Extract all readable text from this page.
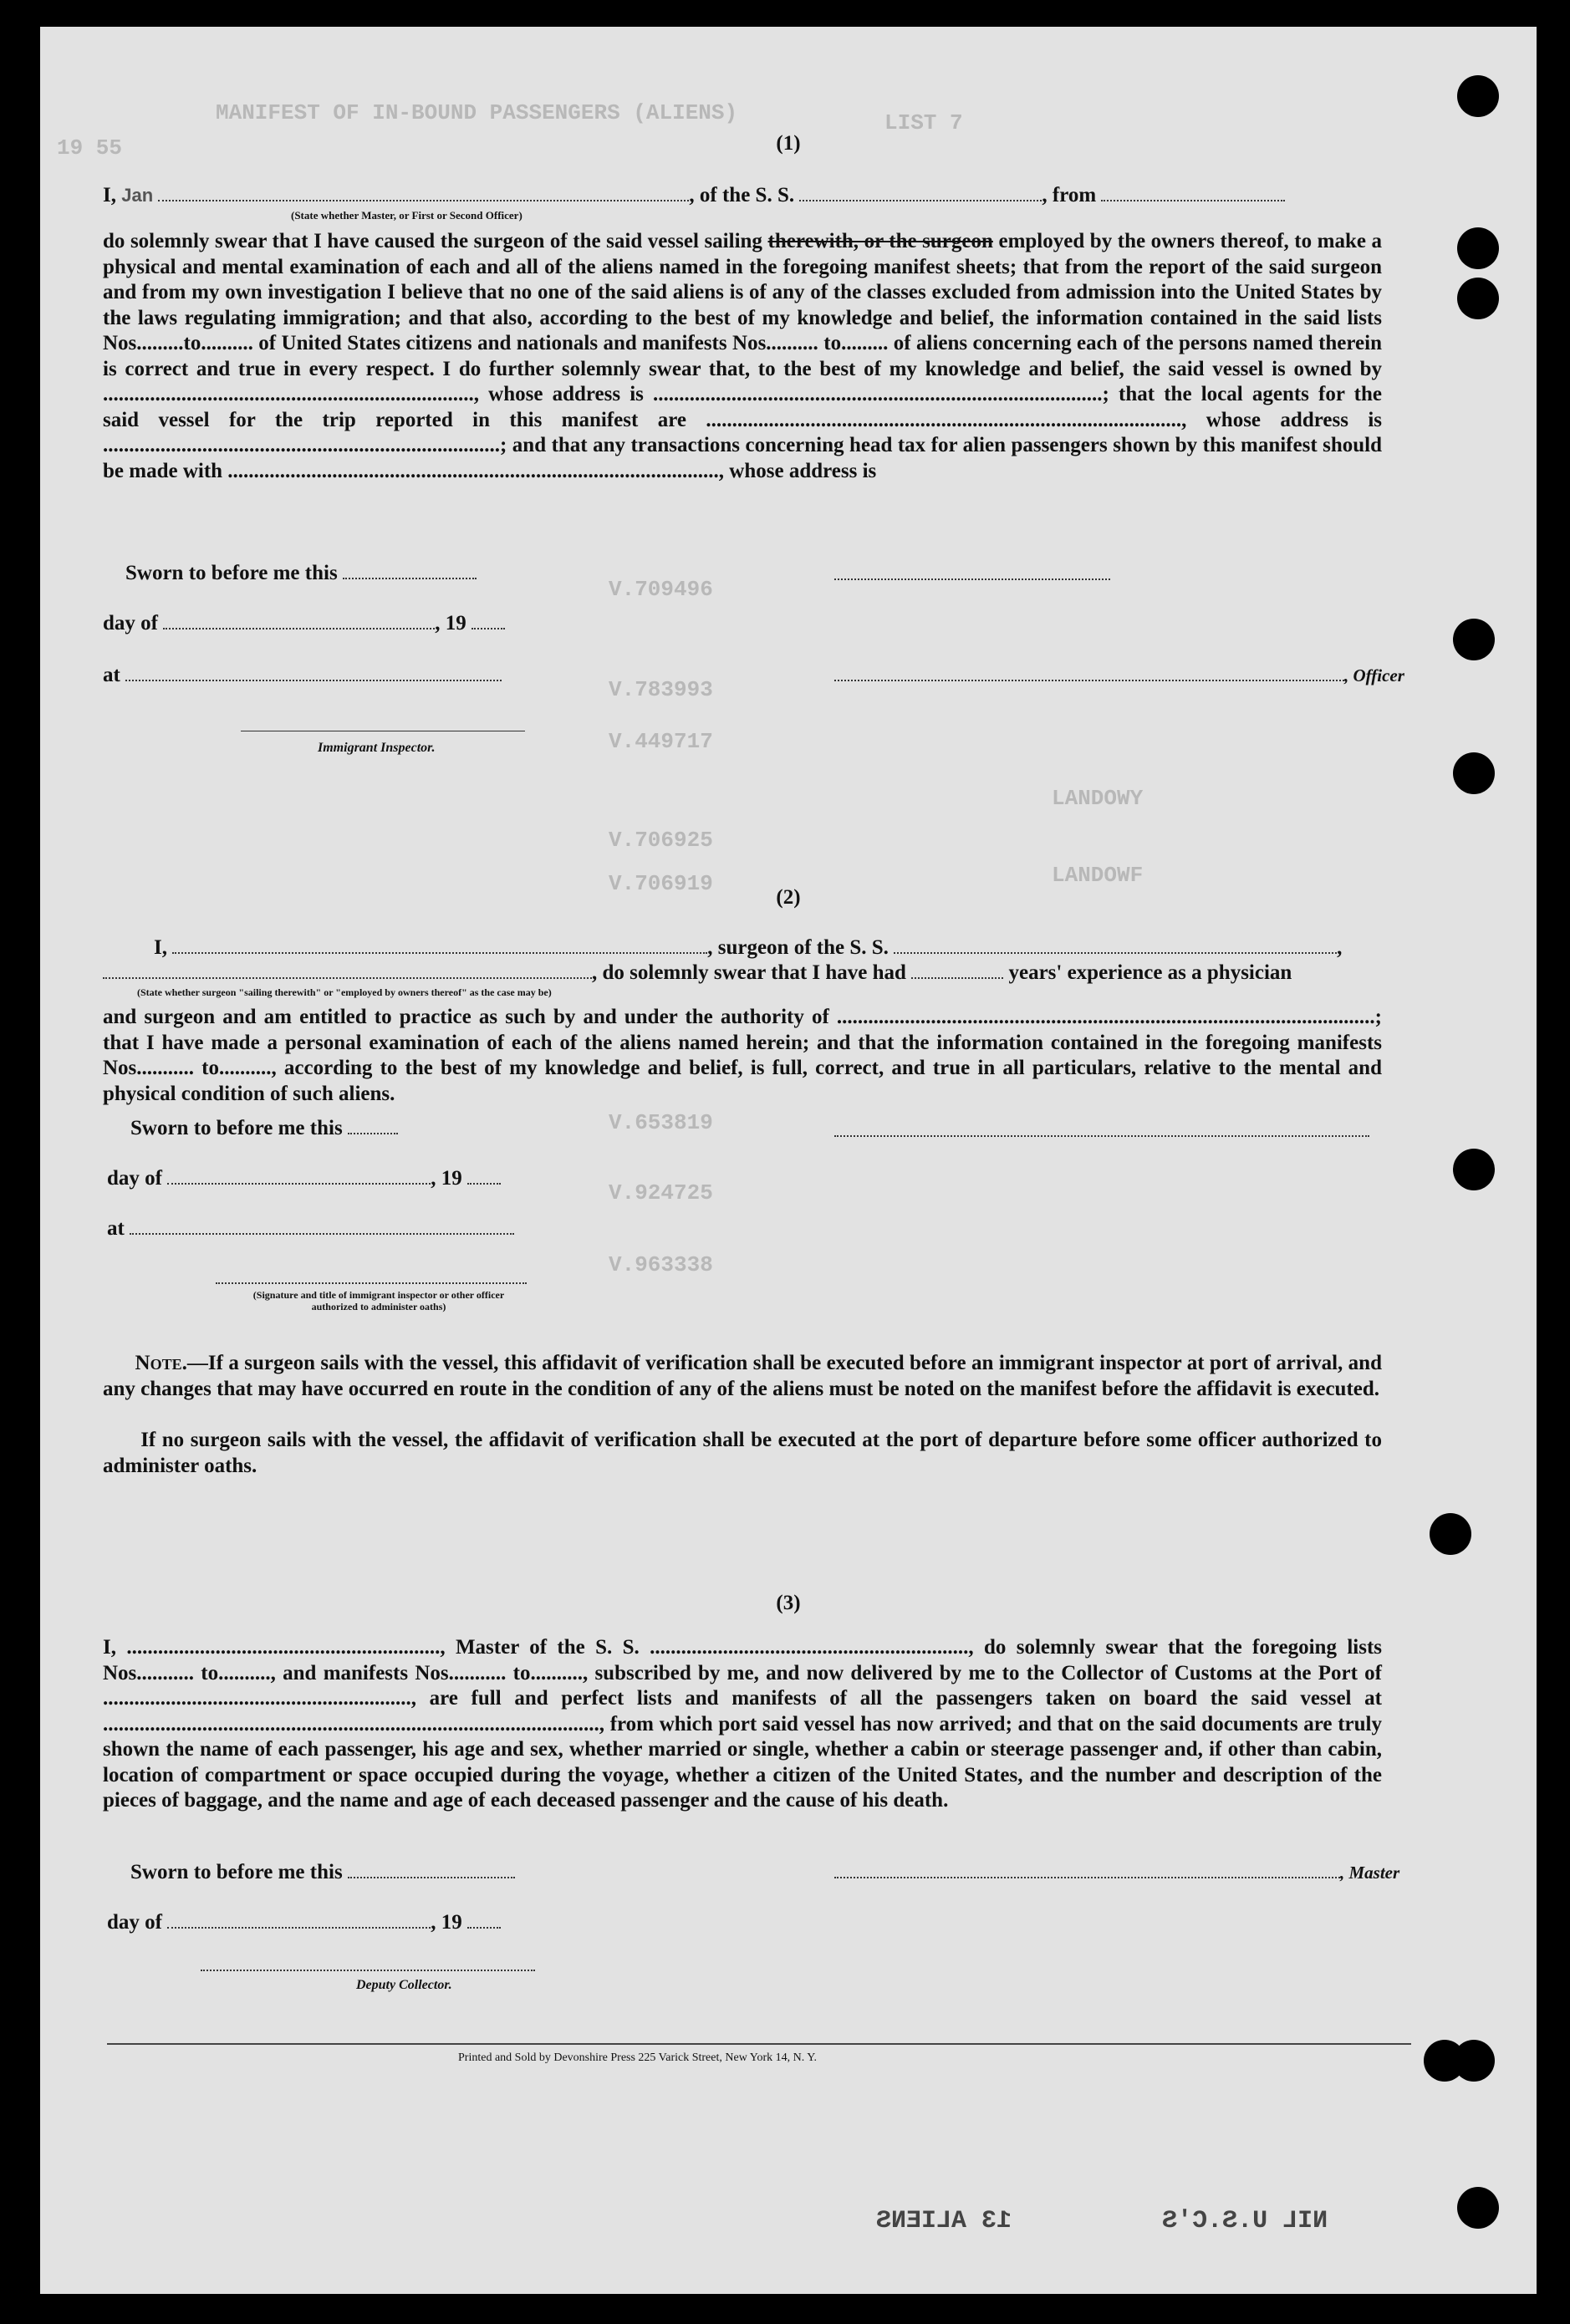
MANIFEST OF IN-BOUND PASSENGERS (ALIENS)
19 55
LIST 7
(1)
I, Jan	, of the S. S.	, from
(State whether Master, or First or Second Officer)
do solemnly swear that I have caused the surgeon of the said vessel sailing therewith, or the surgeon employed by the owners thereof, to make a physical and mental examination of each and all of the aliens named in the foregoing manifest sheets; that from the report of the said surgeon and from my own investigation I believe that no one of the said aliens is of any of the classes excluded from admission into the United States by the laws regulating immigration; and that also, according to the best of my knowledge and belief, the information contained in the said lists Nos.........to.......... of United States citizens and nationals and manifests Nos.......... to......... of aliens concerning each of the persons named therein is correct and true in every respect. I do further solemnly swear that, to the best of my knowledge and belief, the said vessel is owned by ......................................................................., whose address is ......................................................................................; that the local agents for the said vessel for the trip reported in this manifest are ..........................................................................................., whose address is ............................................................................; and that any transactions concerning head tax for alien passengers shown by this manifest should be made with .............................................................................................., whose address is
Sworn to before me this
day of	, 19
at	, Officer
Immigrant Inspector.
V.709496
V.783993
V.449717
V.706925
V.706919
LANDOWY
LANDOWF
V.653819
V.924725
V.963338
(2)
I,	, surgeon of the S. S.	,
, do solemnly swear that I have had	years' experience as a physician
(State whether surgeon "sailing therewith" or "employed by owners thereof" as the case may be)
and surgeon and am entitled to practice as such by and under the authority of .......................................................................................................; that I have made a personal examination of each of the aliens named herein; and that the information contained in the foregoing manifests Nos........... to.........., according to the best of my knowledge and belief, is full, correct, and true in all particulars, relative to the mental and physical condition of such aliens.
Sworn to before me this
day of	, 19
at
(Signature and title of immigrant inspector or other officer authorized to administer oaths)
Note.—If a surgeon sails with the vessel, this affidavit of verification shall be executed before an immigrant inspector at port of arrival, and any changes that may have occurred en route in the condition of any of the aliens must be noted on the manifest before the affidavit is executed.
If no surgeon sails with the vessel, the affidavit of verification shall be executed at the port of departure before some officer authorized to administer oaths.
(3)
I, ............................................................, Master of the S. S. ............................................................., do solemnly swear that the foregoing lists Nos........... to.........., and manifests Nos........... to.........., subscribed by me, and now delivered by me to the Collector of Customs at the Port of ..........................................................., are full and perfect lists and manifests of all the passengers taken on board the said vessel at ..............................................................................................., from which port said vessel has now arrived; and that on the said documents are truly shown the name of each passenger, his age and sex, whether married or single, whether a cabin or steerage passenger and, if other than cabin, location of compartment or space occupied during the voyage, whether a citizen of the United States, and the number and description of the pieces of baggage, and the name and age of each deceased passenger and the cause of his death.
Sworn to before me this	, Master
day of	, 19
Deputy Collector.
Printed and Sold by Devonshire Press 225 Varick Street, New York 14, N. Y.
NIL U.S.C'S          13 ALIENS
